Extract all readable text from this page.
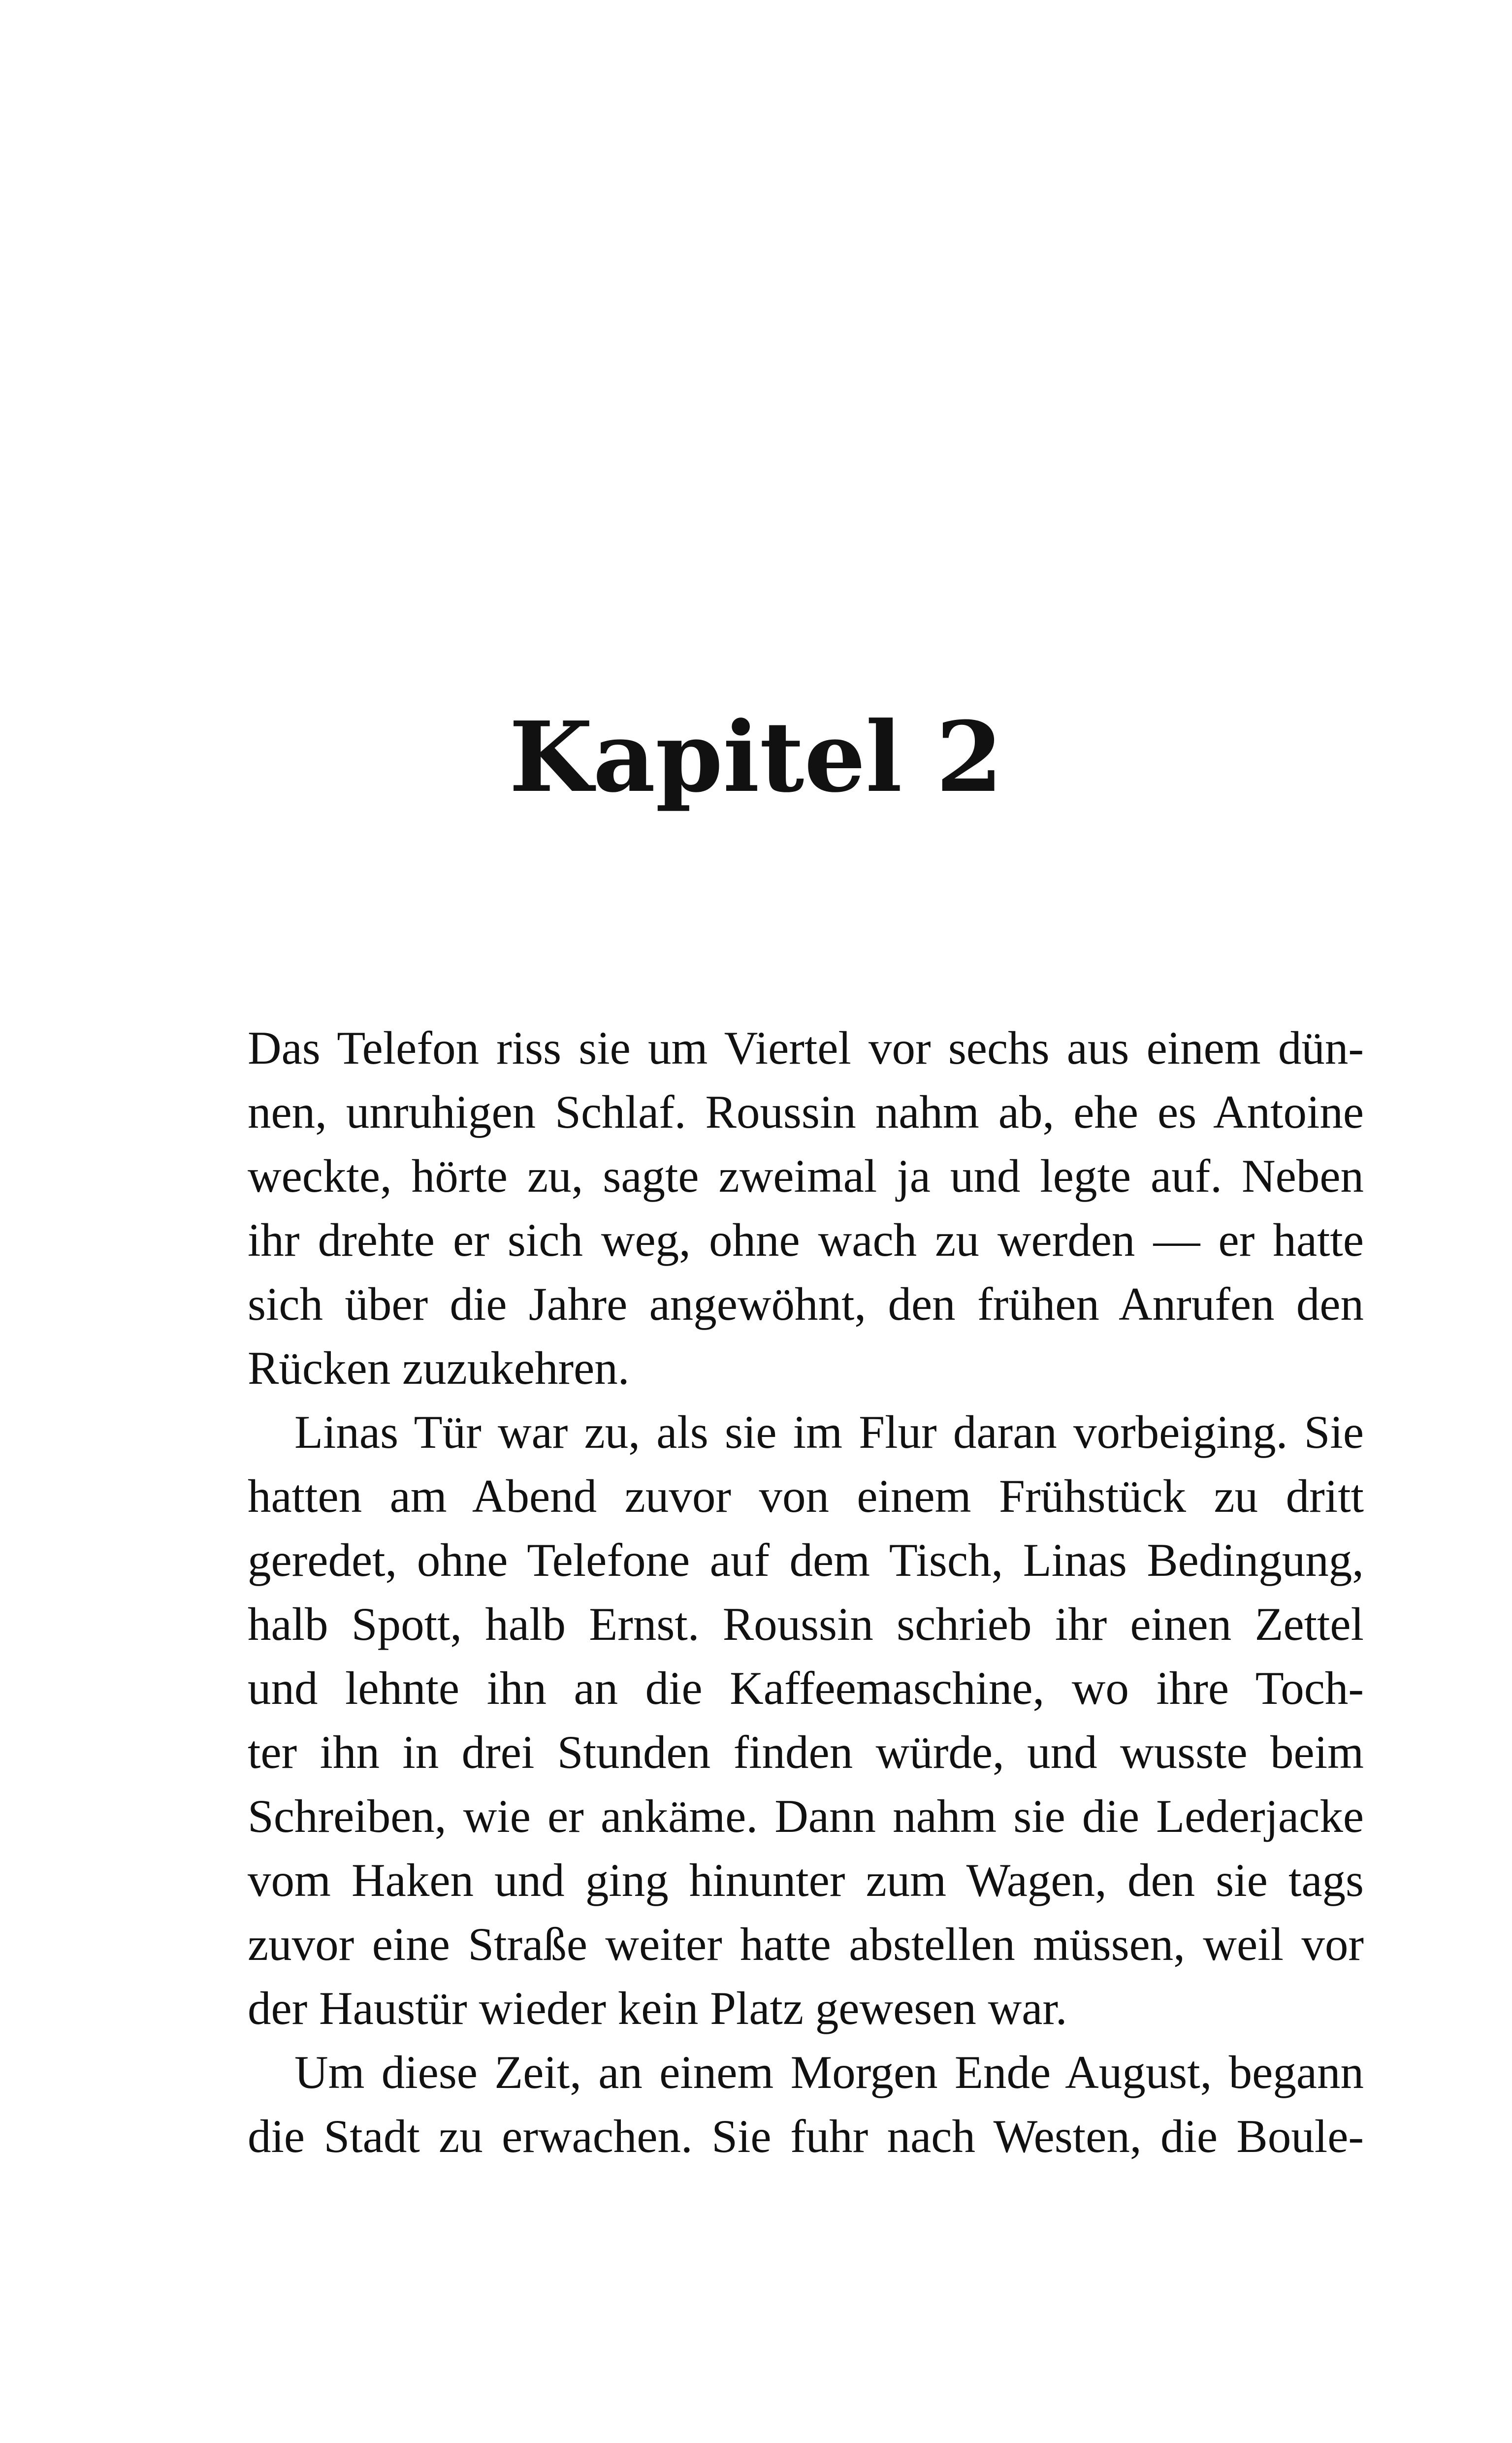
Kapitel 2
Das Telefon riss sie um Viertel vor sechs aus einem dün-
nen, unruhigen Schlaf. Roussin nahm ab, ehe es Antoine
weckte, hörte zu, sagte zweimal ja und legte auf. Neben
ihr drehte er sich weg, ohne wach zu werden — er hatte
sich über die Jahre angewöhnt, den frühen Anrufen den
Rücken zuzukehren.
Linas Tür war zu, als sie im Flur daran vorbeiging. Sie
hatten am Abend zuvor von einem Frühstück zu dritt
geredet, ohne Telefone auf dem Tisch, Linas Bedingung,
halb Spott, halb Ernst. Roussin schrieb ihr einen Zettel
und lehnte ihn an die Kaffeemaschine, wo ihre Toch-
ter ihn in drei Stunden finden würde, und wusste beim
Schreiben, wie er ankäme. Dann nahm sie die Lederjacke
vom Haken und ging hinunter zum Wagen, den sie tags
zuvor eine Straße weiter hatte abstellen müssen, weil vor
der Haustür wieder kein Platz gewesen war.
Um diese Zeit, an einem Morgen Ende August, begann
die Stadt zu erwachen. Sie fuhr nach Westen, die Boule-
